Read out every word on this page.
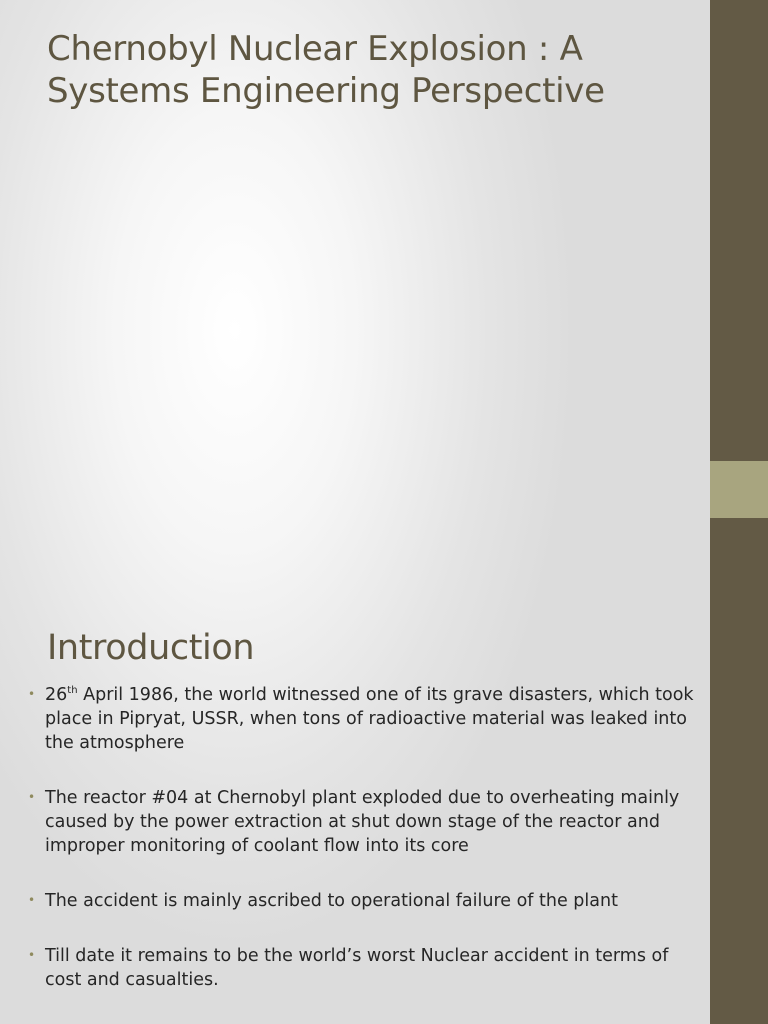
Chernobyl Nuclear Explosion : A Systems Engineering Perspective
Introduction
• 26th April 1986, the world witnessed one of its grave disasters, which took place in Pipryat, USSR, when tons of radioactive material was leaked into the atmosphere
• The reactor #04 at Chernobyl plant exploded due to overheating mainly caused by the power extraction at shut down stage of the reactor and improper monitoring of coolant flow into its core
• The accident is mainly ascribed to operational failure of the plant
• Till date it remains to be the world’s worst Nuclear accident in terms of cost and casualties.
